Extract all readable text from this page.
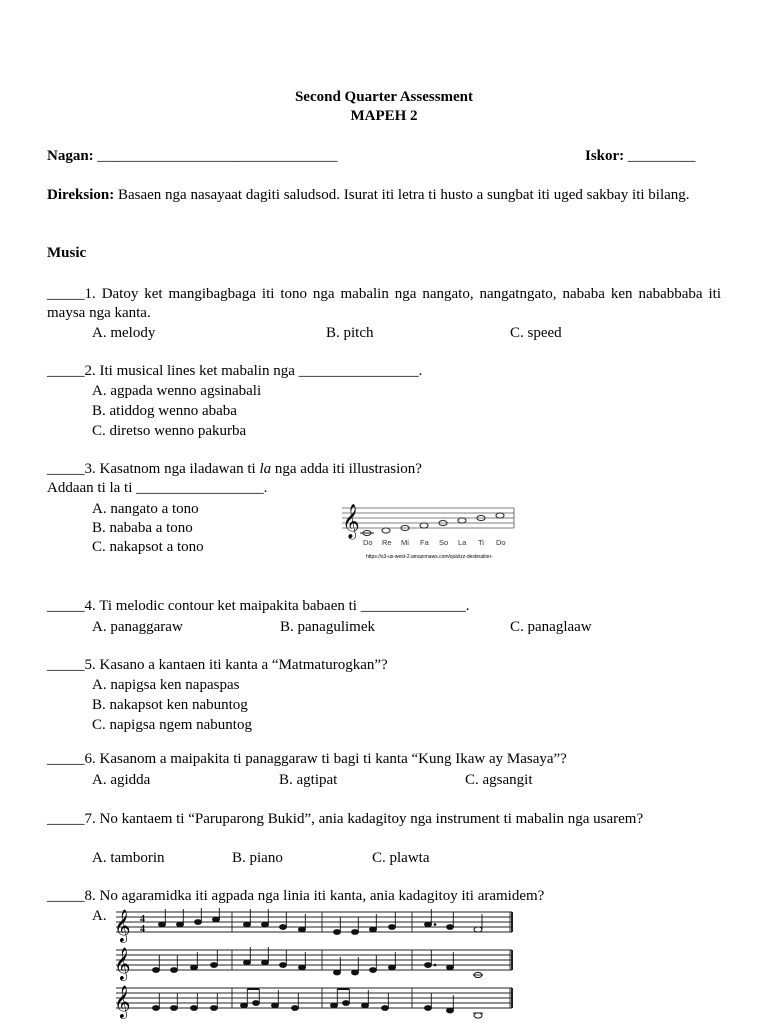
Second Quarter Assessment
MAPEH 2
Nagan: ________________________________	Iskor: _________
Direksion: Basaen nga nasayaat dagiti saludsod. Isurat iti letra ti husto a sungbat iti uged sakbay iti bilang.
Music
_____1. Datoy ket mangibagbaga iti tono nga mabalin nga nangato, nangatngato, nababa ken nababbaba iti maysa nga kanta.
A. melody	B. pitch	C. speed
_____2. Iti musical lines ket mabalin nga ________________.
A. agpada wenno agsinabali
B. atiddog wenno ababa
C. diretso wenno pakurba
_____3. Kasatnom nga iladawan ti la nga adda iti illustrasion?
Addaan ti la ti _________________.
A. nangato a tono
B. nababa a tono
C. nakapsot a tono
𝄞
Do Re Mi Fa So La Ti Do
https://s3-us-west-2.amazonaws.com/quizizz-destination-
_____4. Ti melodic contour ket maipakita babaen ti ______________.
A. panaggaraw	B. panagulimek	C. panaglaaw
_____5. Kasano a kantaen iti kanta a “Matmaturogkan”?
A. napigsa ken napaspas
B. nakapsot ken nabuntog
C. napigsa ngem nabuntog
_____6. Kasanom a maipakita ti panaggaraw ti bagi ti kanta “Kung Ikaw ay Masaya”?
A. agidda	B. agtipat	C. agsangit
_____7. No kantaem ti “Paruparong Bukid”, ania kadagitoy nga instrument ti mabalin nga usarem?
A. tamborin	B. piano	C. plawta
_____8. No agaramidka iti agpada nga linia iti kanta, ania kadagitoy iti aramidem?
A. 𝄞 4
4
𝄞
𝄞
